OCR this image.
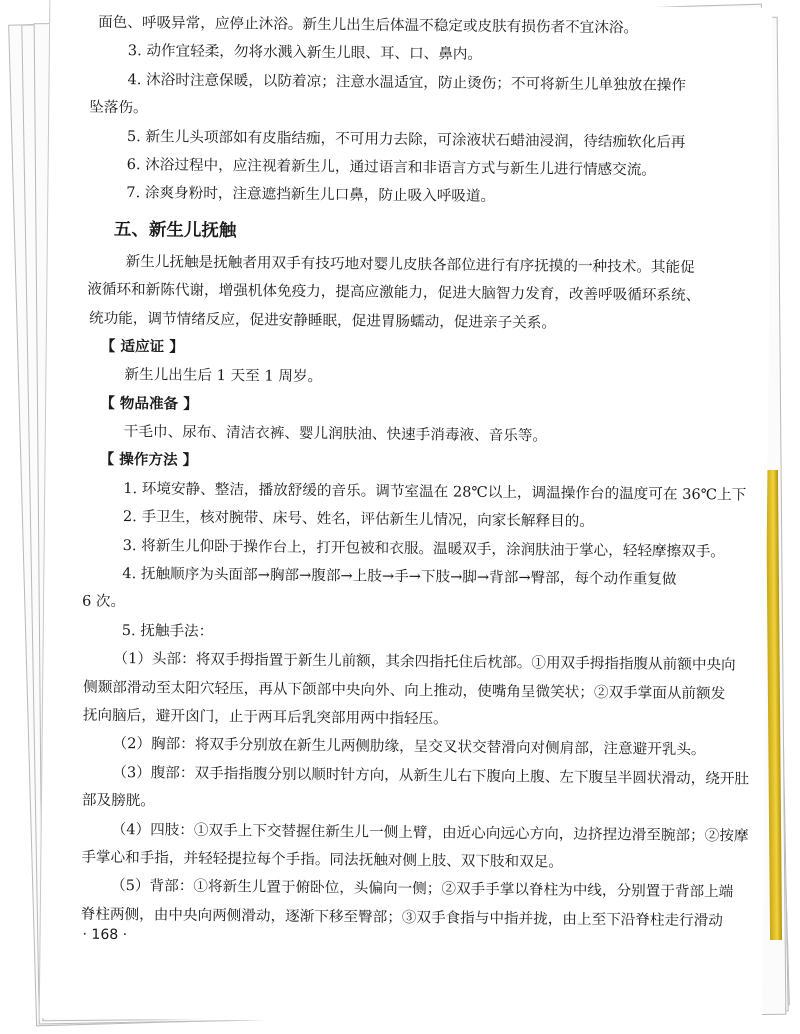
面色、呼吸异常，应停止沐浴。新生儿出生后体温不稳定或皮肤有损伤者不宜沐浴。
3. 动作宜轻柔，勿将水溅入新生儿眼、耳、口、鼻内。
4. 沐浴时注意保暖，以防着凉；注意水温适宜，防止烫伤；不可将新生儿单独放在操作
坠落伤。
5. 新生儿头项部如有皮脂结痂，不可用力去除，可涂液状石蜡油浸润，待结痂软化后再
6. 沐浴过程中，应注视着新生儿，通过语言和非语言方式与新生儿进行情感交流。
7. 涂爽身粉时，注意遮挡新生儿口鼻，防止吸入呼吸道。
五、新生儿抚触
新生儿抚触是抚触者用双手有技巧地对婴儿皮肤各部位进行有序抚摸的一种技术。其能促
液循环和新陈代谢，增强机体免疫力，提高应激能力，促进大脑智力发育，改善呼吸循环系统、
统功能，调节情绪反应，促进安静睡眠，促进胃肠蠕动，促进亲子关系。
【 适应证 】
新生儿出生后 1 天至 1 周岁。
【 物品准备 】
干毛巾、尿布、清洁衣裤、婴儿润肤油、快速手消毒液、音乐等。
【 操作方法 】
1. 环境安静、整洁，播放舒缓的音乐。调节室温在 28℃以上，调温操作台的温度可在 36℃上下
2. 手卫生，核对腕带、床号、姓名，评估新生儿情况，向家长解释目的。
3. 将新生儿仰卧于操作台上，打开包被和衣服。温暖双手，涂润肤油于掌心，轻轻摩擦双手。
4. 抚触顺序为头面部→胸部→腹部→上肢→手→下肢→脚→背部→臀部，每个动作重复做
6 次。
5. 抚触手法：
（1）头部：将双手拇指置于新生儿前额，其余四指托住后枕部。①用双手拇指指腹从前额中央向
侧颞部滑动至太阳穴轻压，再从下颌部中央向外、向上推动，使嘴角呈微笑状；②双手掌面从前额发
抚向脑后，避开囟门，止于两耳后乳突部用两中指轻压。
（2）胸部：将双手分别放在新生儿两侧肋缘，呈交叉状交替滑向对侧肩部，注意避开乳头。
（3）腹部：双手指指腹分别以顺时针方向，从新生儿右下腹向上腹、左下腹呈半圆状滑动，绕开肚
部及膀胱。
（4）四肢：①双手上下交替握住新生儿一侧上臂，由近心向远心方向，边挤捏边滑至腕部；②按摩
手掌心和手指，并轻轻提拉每个手指。同法抚触对侧上肢、双下肢和双足。
（5）背部：①将新生儿置于俯卧位，头偏向一侧；②双手手掌以脊柱为中线，分别置于背部上端
脊柱两侧，由中央向两侧滑动，逐渐下移至臀部；③双手食指与中指并拢，由上至下沿脊柱走行滑动
· 168 ·
